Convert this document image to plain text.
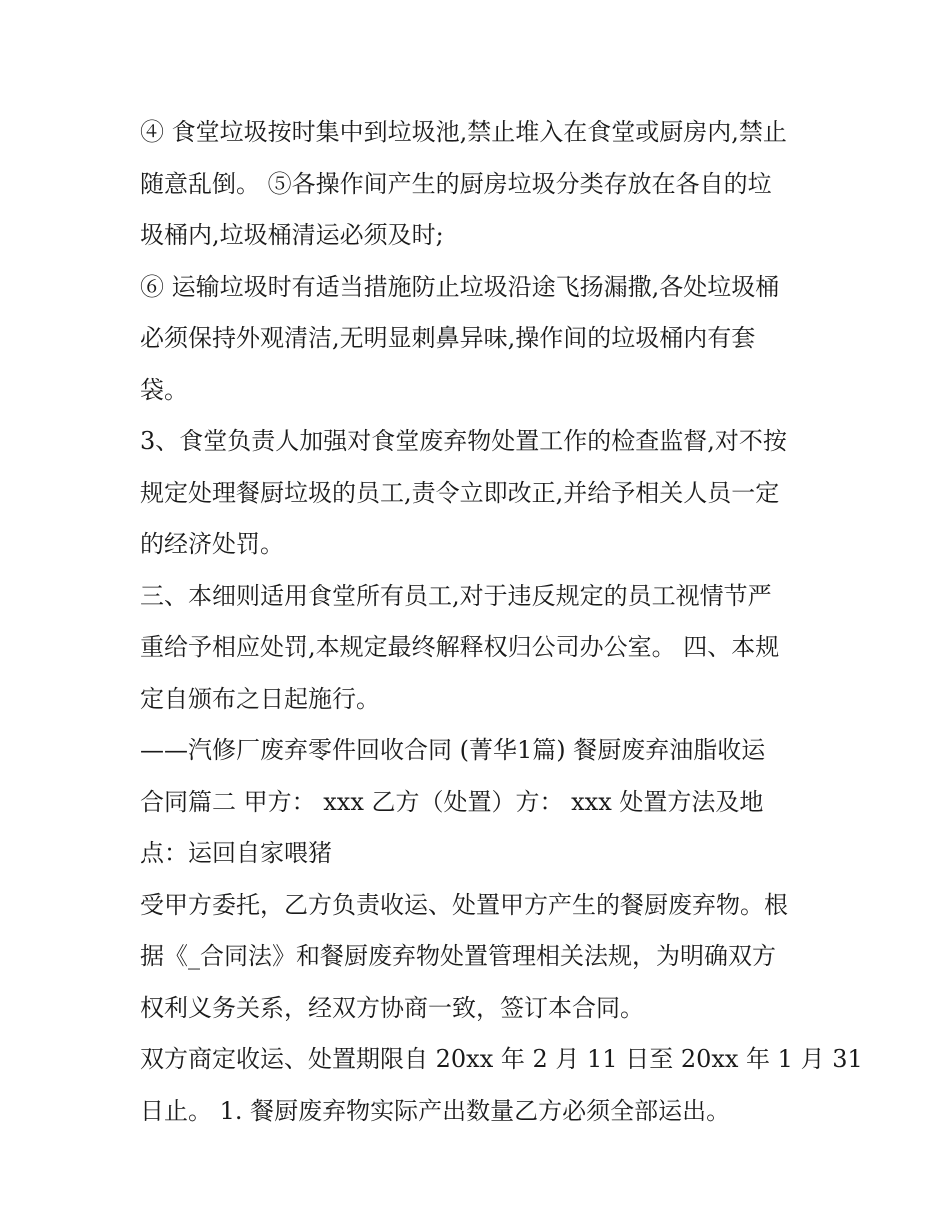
④ 食堂垃圾按时集中到垃圾池,禁止堆入在食堂或厨房内,禁止
随意乱倒。 ⑤各操作间产生的厨房垃圾分类存放在各自的垃
圾桶内,垃圾桶清运必须及时;
⑥ 运输垃圾时有适当措施防止垃圾沿途飞扬漏撒,各处垃圾桶
必须保持外观清洁,无明显刺鼻异味,操作间的垃圾桶内有套
袋。
3、食堂负责人加强对食堂废弃物处置工作的检查监督,对不按
规定处理餐厨垃圾的员工,责令立即改正,并给予相关人员一定
的经济处罚。
三、本细则适用食堂所有员工,对于违反规定的员工视情节严
重给予相应处罚,本规定最终解释权归公司办公室。 四、本规
定自颁布之日起施行。
——汽修厂废弃零件回收合同 (菁华1篇) 餐厨废弃油脂收运
合同篇二 甲方： xxx 乙方（处置）方： xxx 处置方法及地
点：运回自家喂猪
受甲方委托，乙方负责收运、处置甲方产生的餐厨废弃物。根
据《_合同法》和餐厨废弃物处置管理相关法规，为明确双方
权利义务关系，经双方协商一致，签订本合同。
双方商定收运、处置期限自 20xx 年 2 月 11 日至 20xx 年 1 月 31
日止。 1. 餐厨废弃物实际产出数量乙方必须全部运出。
